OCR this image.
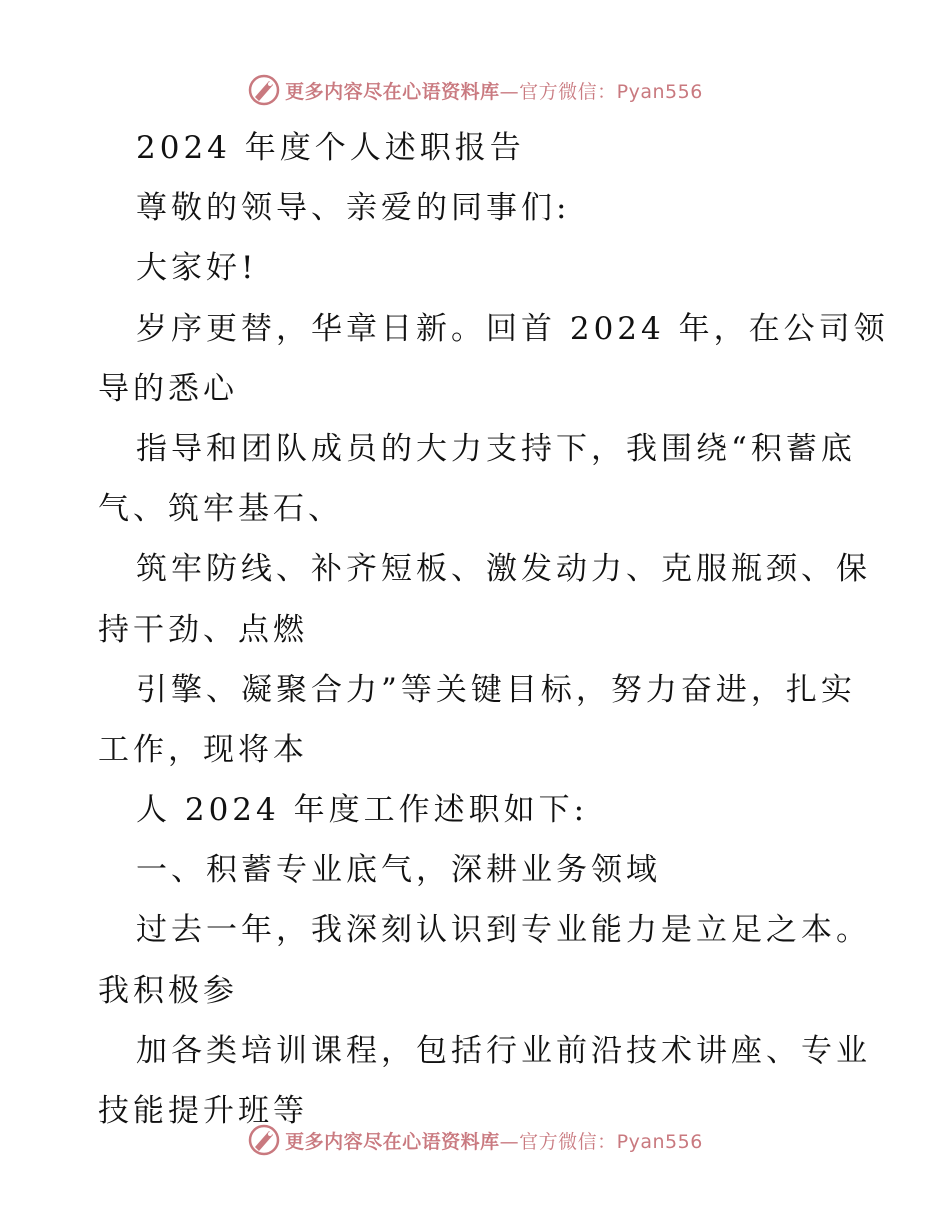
更多内容尽在心语资料库—官方微信：Pyan556
2024 年度个人述职报告
尊敬的领导、亲爱的同事们:
大家好!
岁序更替，华章日新。回首 2024 年，在公司领
导的悉心
指导和团队成员的大力支持下，我围绕“积蓄底
气、筑牢基石、
筑牢防线、补齐短板、激发动力、克服瓶颈、保
持干劲、点燃
引擎、凝聚合力”等关键目标，努力奋进，扎实
工作，现将本
人 2024 年度工作述职如下:
一、积蓄专业底气，深耕业务领域
过去一年，我深刻认识到专业能力是立足之本。
我积极参
加各类培训课程，包括行业前沿技术讲座、专业
技能提升班等
更多内容尽在心语资料库—官方微信：Pyan556
